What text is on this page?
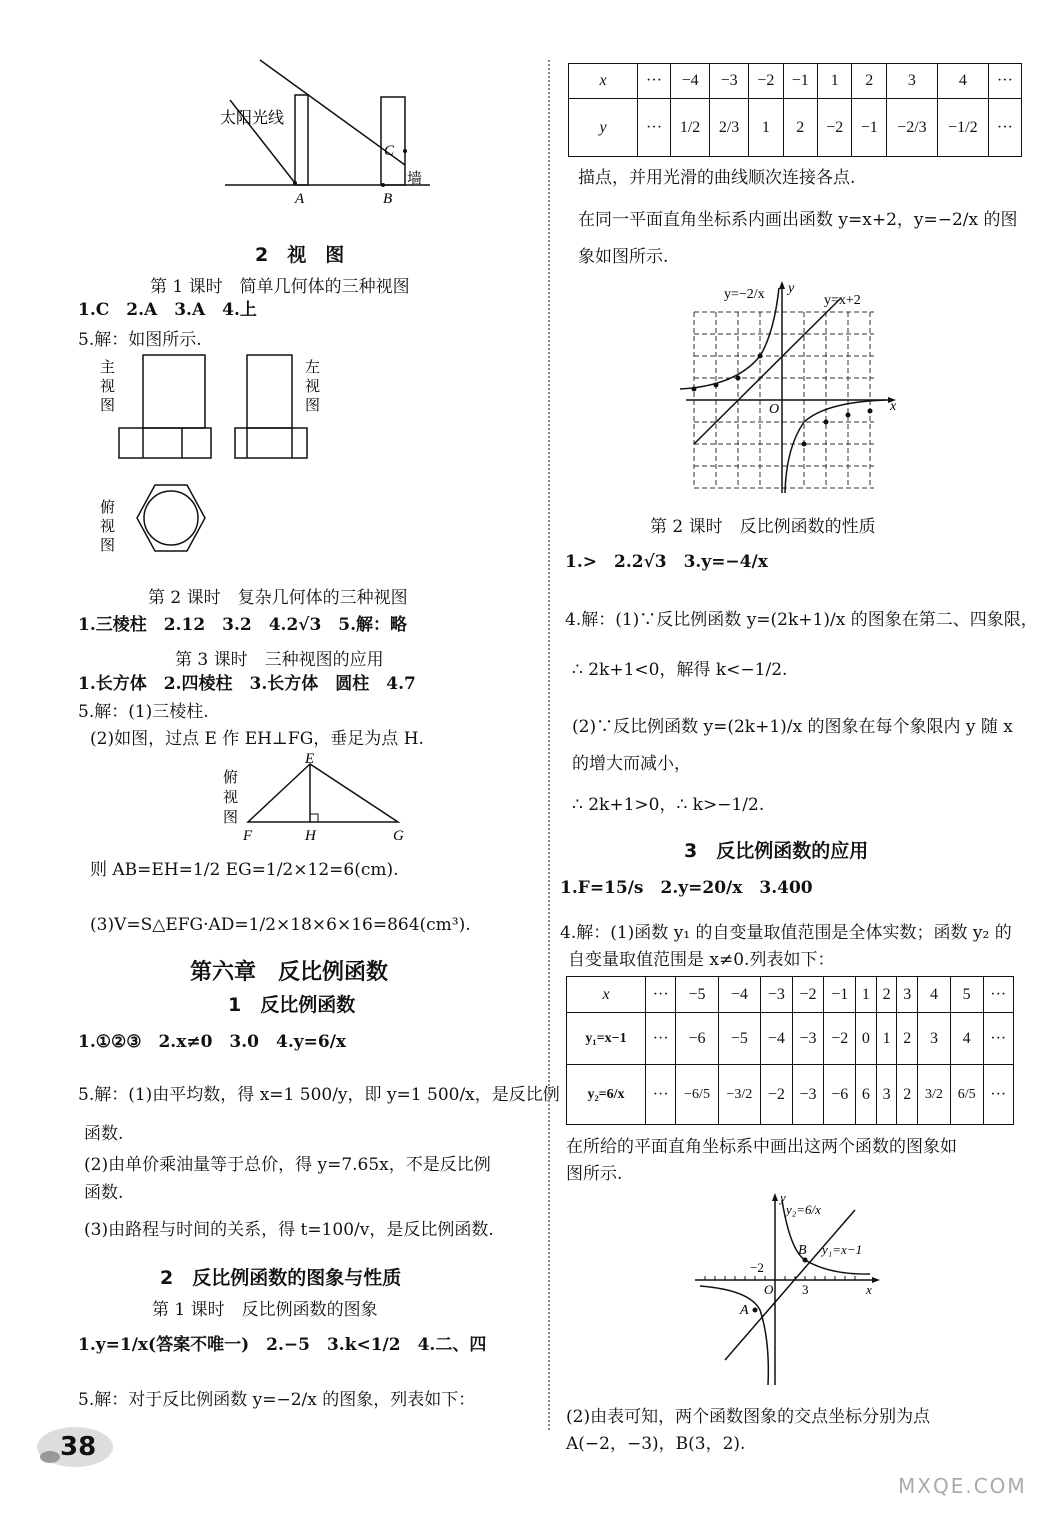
太阳光线
C
墙
A	B
2　视　图
第 1 课时　简单几何体的三种视图
1.C　2.A　3.A　4.上
5.解：如图所示.
主
视
图
左
视
图
俯
视
图
第 2 课时　复杂几何体的三种视图
1.三棱柱　2.12　3.2　4.2√3　5.解：略
第 3 课时　三种视图的应用
1.长方体　2.四棱柱　3.长方体　圆柱　4.7
5.解：(1)三棱柱.
(2)如图，过点 E 作 EH⊥FG，垂足为点 H.
俯
视
图
E
F	H	G
则 AB=EH=1/2 EG=1/2×12=6(cm).
(3)V=S△EFG·AD=1/2×18×6×16=864(cm³).
第六章　反比例函数
1　反比例函数
1.①②③　2.x≠0　3.0　4.y=6/x
5.解：(1)由平均数，得 x=1 500/y，即 y=1 500/x，是反比例
函数.
(2)由单价乘油量等于总价，得 y=7.65x，不是反比例
函数.
(3)由路程与时间的关系，得 t=100/v，是反比例函数.
2　反比例函数的图象与性质
第 1 课时　反比例函数的图象
1.y=1/x(答案不唯一)　2.−5　3.k<1/2　4.二、四
5.解：对于反比例函数 y=−2/x 的图象，列表如下：
x	···	−4	−3	−2	−1	1	2	3	4	···
y	···	1/2	2/3	1	2	−2	−1	−2/3	−1/2	···
描点，并用光滑的曲线顺次连接各点.
在同一平面直角坐标系内画出函数 y=x+2，y=−2/x 的图
象如图所示.
y=−2/x	y=x+2
x
y
O
第 2 课时　反比例函数的性质
1.>　2.2√3　3.y=−4/x
4.解：(1)∵反比例函数 y=(2k+1)/x 的图象在第二、四象限，
∴ 2k+1<0，解得 k<−1/2.
(2)∵反比例函数 y=(2k+1)/x 的图象在每个象限内 y 随 x
的增大而减小，
∴ 2k+1>0，∴ k>−1/2.
3　反比例函数的应用
1.F=15/s　2.y=20/x　3.400
4.解：(1)函数 y₁ 的自变量取值范围是全体实数；函数 y₂ 的
自变量取值范围是 x≠0.列表如下：
x	···	−5	−4	−3	−2	−1	1	2	3	4	5	···
y₁=x−1	···	−6	−5	−4	−3	−2	0	1	2	3	4	···
y₂=6/x	···	−6/5	−3/2	−2	−3	−6	6	3	2	3/2	6/5	···
在所给的平面直角坐标系中画出这两个函数的图象如
图所示.
y₂=6/x
y₁=x−1
B
A
O
−2
3	x
y
(2)由表可知，两个函数图象的交点坐标分别为点
A(−2，−3)，B(3，2).
38
MXQE.COM
